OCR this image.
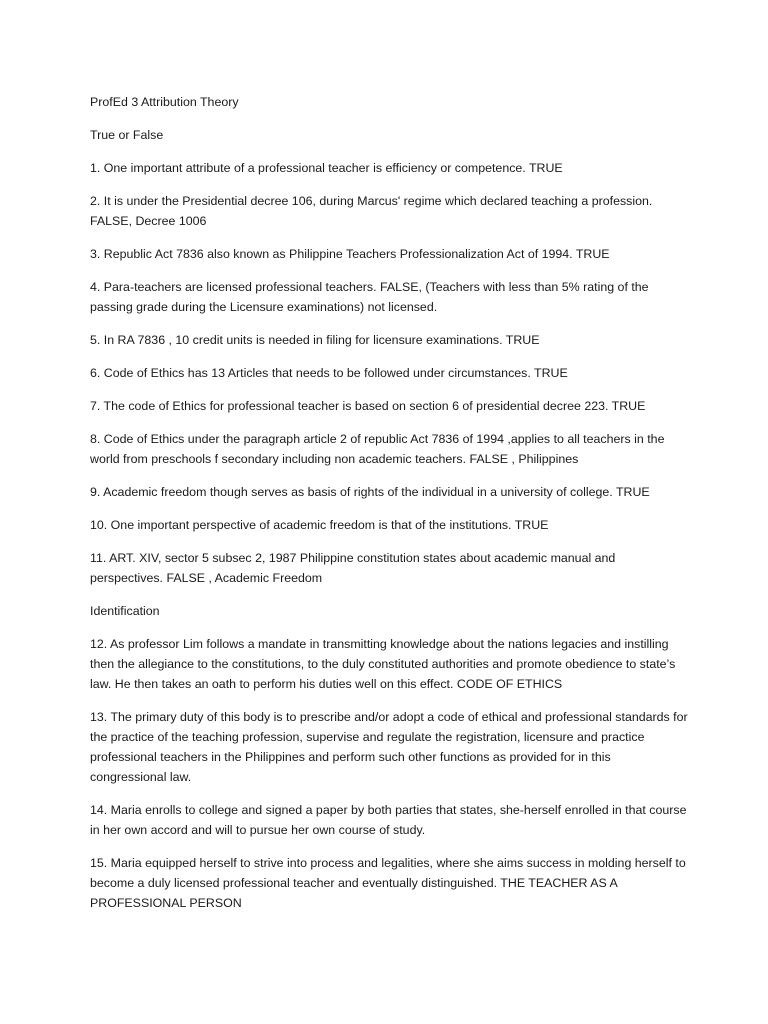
ProfEd 3 Attribution Theory

True or False

1. One important attribute of a professional teacher is efficiency or competence. TRUE

2. It is under the Presidential decree 106, during Marcus' regime which declared teaching a profession. FALSE, Decree 1006

3. Republic Act 7836 also known as Philippine Teachers Professionalization Act of 1994. TRUE

4. Para-teachers are licensed professional teachers. FALSE, (Teachers with less than 5% rating of the passing grade during the Licensure examinations) not licensed.

5. In RA 7836 , 10 credit units is needed in filing for licensure examinations. TRUE

6. Code of Ethics has 13 Articles that needs to be followed under circumstances. TRUE

7. The code of Ethics for professional teacher is based on section 6 of presidential decree 223. TRUE

8. Code of Ethics under the paragraph article 2 of republic Act 7836 of 1994 ,applies to all teachers in the world from preschools f secondary including non academic teachers. FALSE , Philippines

9. Academic freedom though serves as basis of rights of the individual in a university of college. TRUE

10. One important perspective of academic freedom is that of the institutions. TRUE

11. ART. XIV, sector 5 subsec 2, 1987 Philippine constitution states about academic manual and perspectives. FALSE , Academic Freedom

Identification

12. As professor Lim follows a mandate in transmitting knowledge about the nations legacies and instilling then the allegiance to the constitutions, to the duly constituted authorities and promote obedience to state’s law. He then takes an oath to perform his duties well on this effect. CODE OF ETHICS

13. The primary duty of this body is to prescribe and/or adopt a code of ethical and professional standards for the practice of the teaching profession, supervise and regulate the registration, licensure and practice professional teachers in the Philippines and perform such other functions as provided for in this congressional law.

14. Maria enrolls to college and signed a paper by both parties that states, she-herself enrolled in that course in her own accord and will to pursue her own course of study.

15. Maria equipped herself to strive into process and legalities, where she aims success in molding herself to become a duly licensed professional teacher and eventually distinguished. THE TEACHER AS A PROFESSIONAL PERSON
